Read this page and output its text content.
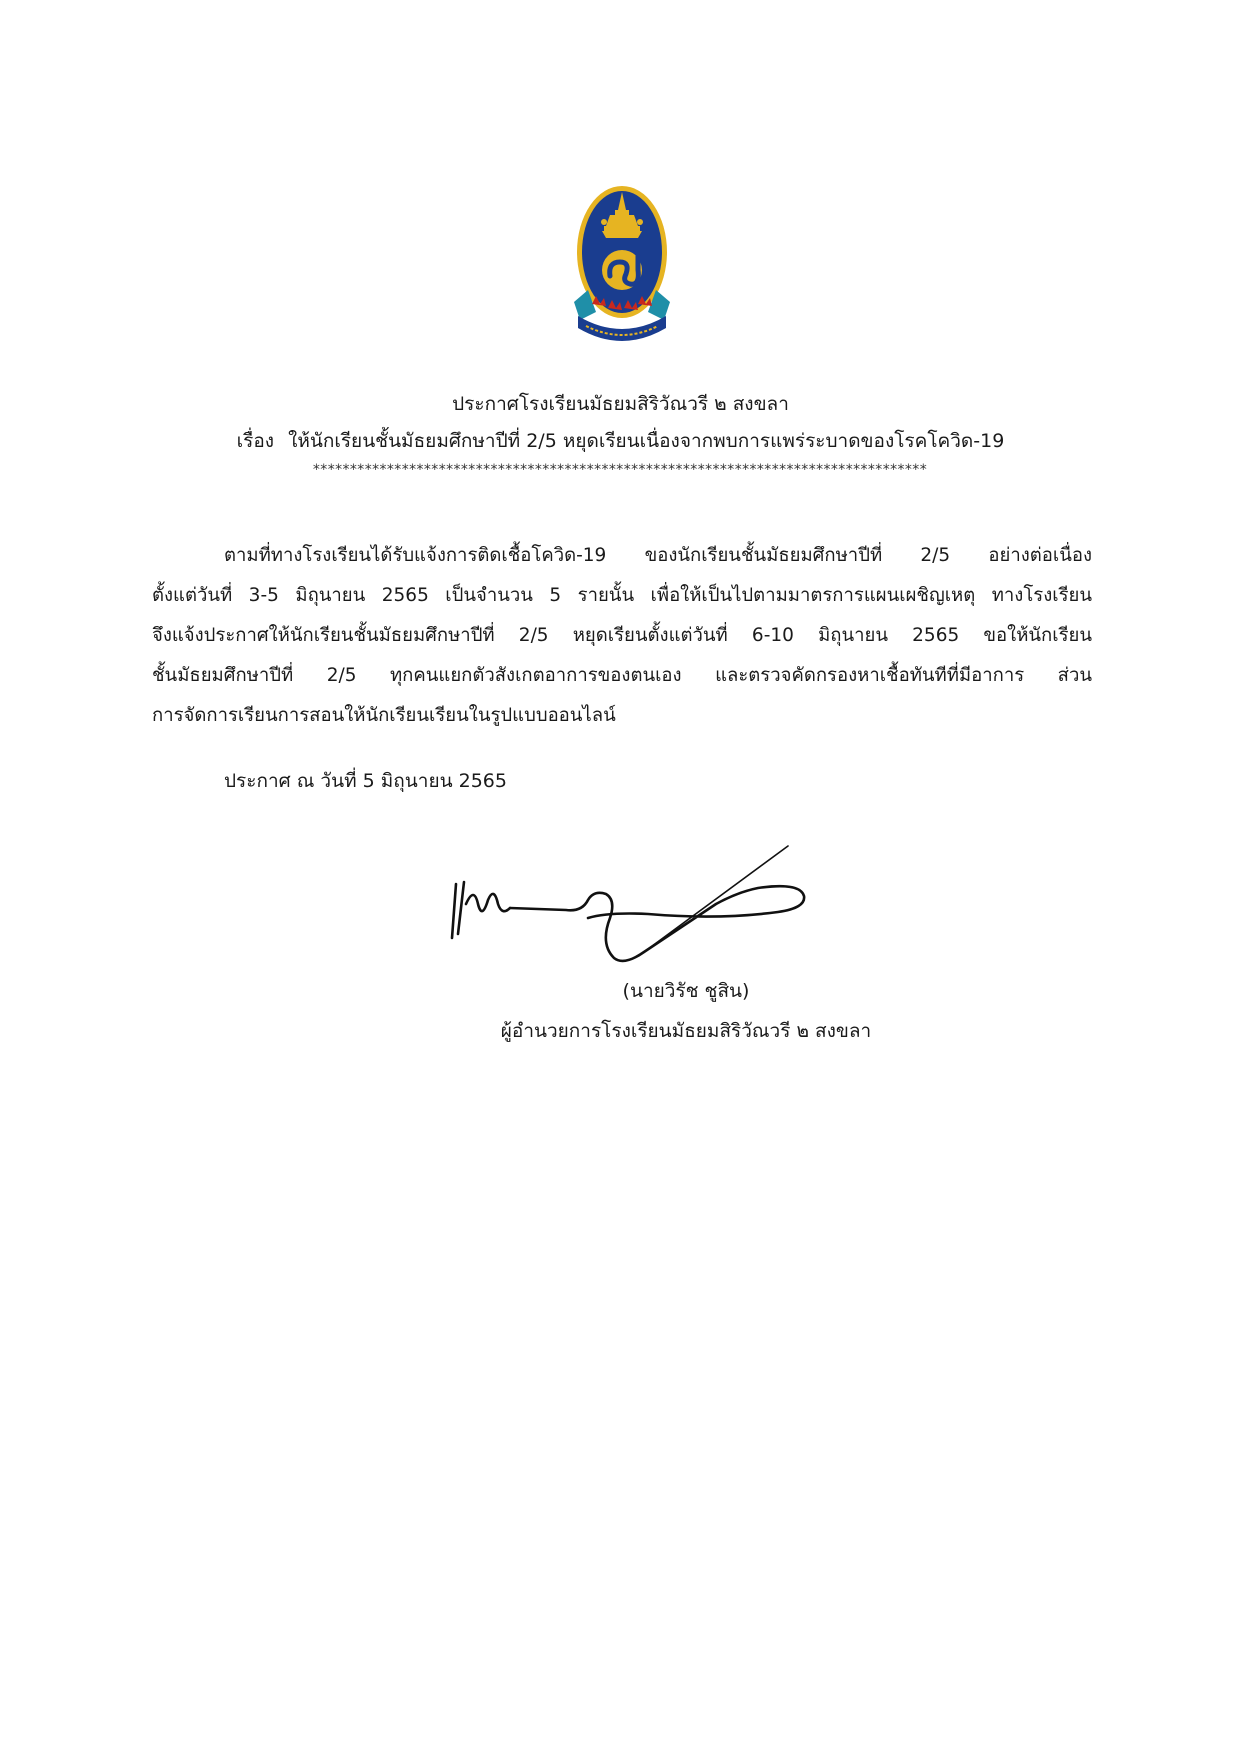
ประกาศโรงเรียนมัธยมสิริวัณวรี ๒ สงขลา
เรื่อง ให้นักเรียนชั้นมัธยมศึกษาปีที่ 2/5 หยุดเรียนเนื่องจากพบการแพร่ระบาดของโรคโควิด-19
***********************************************************************************
ตามที่ทางโรงเรียนได้รับแจ้งการติดเชื้อโควิด-19 ของนักเรียนชั้นมัธยมศึกษาปีที่ 2/5 อย่างต่อเนื่อง
ตั้งแต่วันที่ 3-5 มิถุนายน 2565 เป็นจำนวน 5 รายนั้น เพื่อให้เป็นไปตามมาตรการแผนเผชิญเหตุ ทางโรงเรียน
จึงแจ้งประกาศให้นักเรียนชั้นมัธยมศึกษาปีที่ 2/5 หยุดเรียนตั้งแต่วันที่ 6-10 มิถุนายน 2565 ขอให้นักเรียน
ชั้นมัธยมศึกษาปีที่ 2/5 ทุกคนแยกตัวสังเกตอาการของตนเอง และตรวจคัดกรองหาเชื้อทันทีที่มีอาการ ส่วน
การจัดการเรียนการสอนให้นักเรียนเรียนในรูปแบบออนไลน์
ประกาศ ณ วันที่ 5 มิถุนายน 2565
(นายวิรัช ชูสิน)
ผู้อำนวยการโรงเรียนมัธยมสิริวัณวรี ๒ สงขลา
